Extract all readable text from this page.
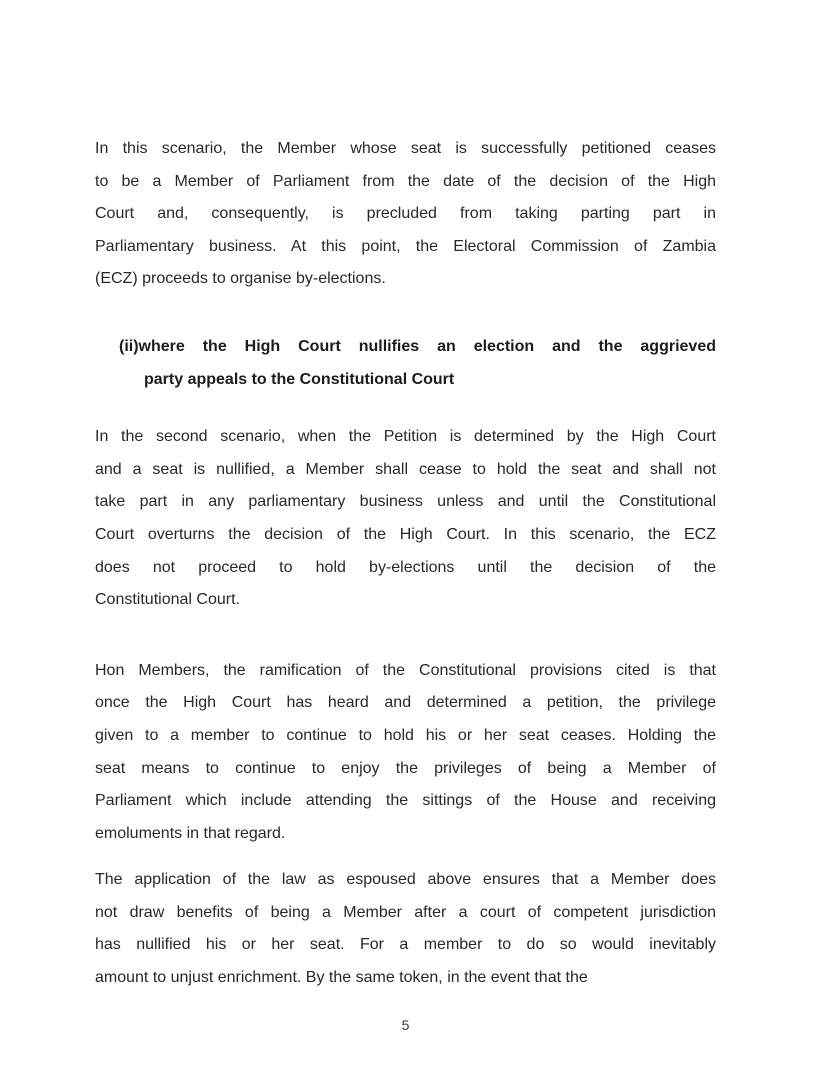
In this scenario, the Member whose seat is successfully petitioned ceases
to be a Member of Parliament from the date of the decision of the High
Court and, consequently, is precluded from taking parting part in
Parliamentary business. At this point, the Electoral Commission of Zambia
(ECZ) proceeds to organise by-elections.
(ii)where the High Court nullifies an election and the aggrieved
party appeals to the Constitutional Court
In the second scenario, when the Petition is determined by the High Court
and a seat is nullified, a Member shall cease to hold the seat and shall not
take part in any parliamentary business unless and until the Constitutional
Court overturns the decision of the High Court. In this scenario, the ECZ
does not proceed to hold by-elections until the decision of the
Constitutional Court.
Hon Members, the ramification of the Constitutional provisions cited is that
once the High Court has heard and determined a petition, the privilege
given to a member to continue to hold his or her seat ceases. Holding the
seat means to continue to enjoy the privileges of being a Member of
Parliament which include attending the sittings of the House and receiving
emoluments in that regard.
The application of the law as espoused above ensures that a Member does
not draw benefits of being a Member after a court of competent jurisdiction
has nullified his or her seat. For a member to do so would inevitably
amount to unjust enrichment. By the same token, in the event that the
5
